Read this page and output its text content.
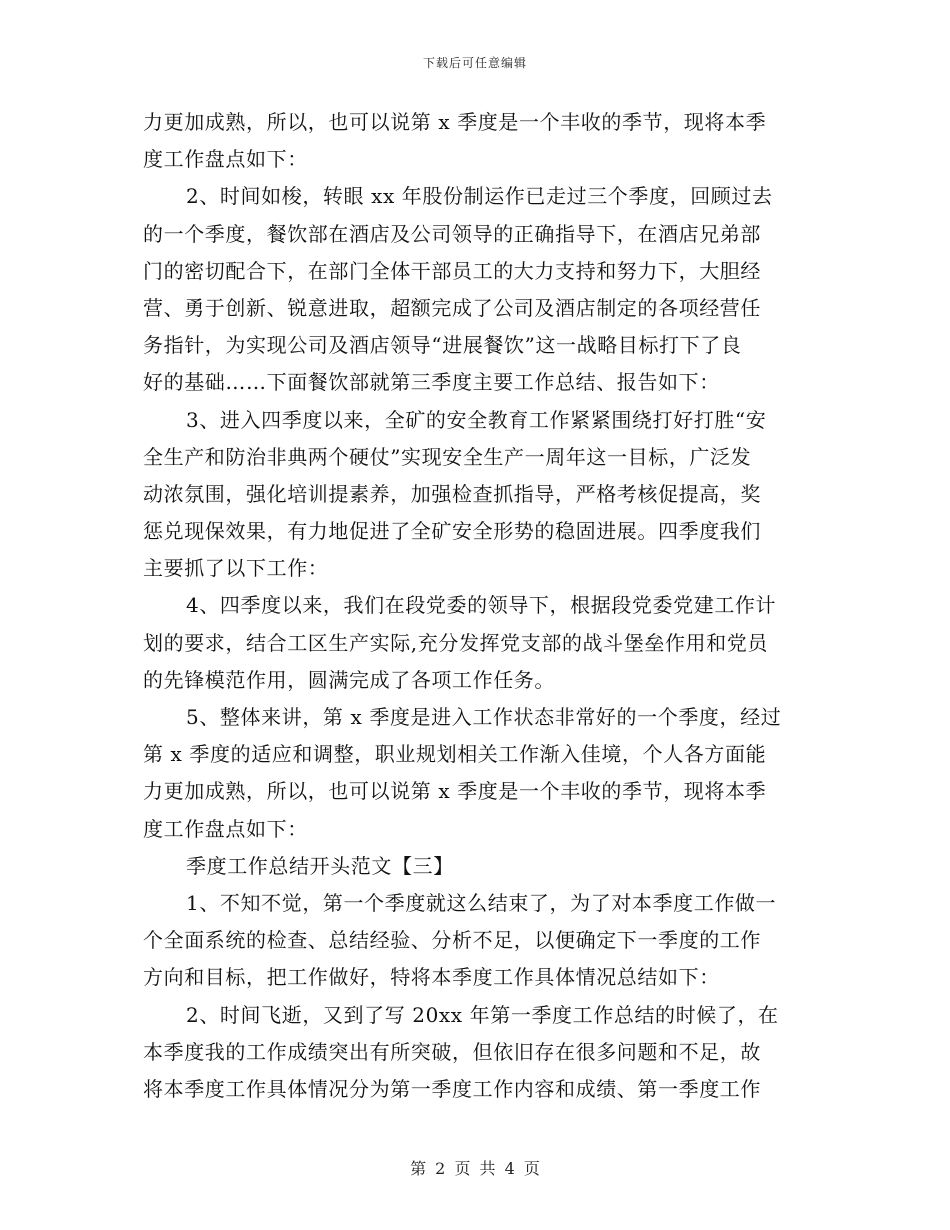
下载后可任意编辑
力更加成熟，所以，也可以说第 x 季度是一个丰收的季节，现将本季
度工作盘点如下：
2、时间如梭，转眼 xx 年股份制运作已走过三个季度，回顾过去
的一个季度，餐饮部在酒店及公司领导的正确指导下，在酒店兄弟部
门的密切配合下，在部门全体干部员工的大力支持和努力下，大胆经
营、勇于创新、锐意进取，超额完成了公司及酒店制定的各项经营任
务指针，为实现公司及酒店领导“进展餐饮”这一战略目标打下了良
好的基础……下面餐饮部就第三季度主要工作总结、报告如下：
3、进入四季度以来，全矿的安全教育工作紧紧围绕打好打胜“安
全生产和防治非典两个硬仗”实现安全生产一周年这一目标，广泛发
动浓氛围，强化培训提素养，加强检查抓指导，严格考核促提高，奖
惩兑现保效果，有力地促进了全矿安全形势的稳固进展。四季度我们
主要抓了以下工作：
4、四季度以来，我们在段党委的领导下，根据段党委党建工作计
划的要求，结合工区生产实际,充分发挥党支部的战斗堡垒作用和党员
的先锋模范作用，圆满完成了各项工作任务。
5、整体来讲，第 x 季度是进入工作状态非常好的一个季度，经过
第 x 季度的适应和调整，职业规划相关工作渐入佳境，个人各方面能
力更加成熟，所以，也可以说第 x 季度是一个丰收的季节，现将本季
度工作盘点如下：
季度工作总结开头范文【三】
1、不知不觉，第一个季度就这么结束了，为了对本季度工作做一
个全面系统的检查、总结经验、分析不足，以便确定下一季度的工作
方向和目标，把工作做好，特将本季度工作具体情况总结如下：
2、时间飞逝，又到了写 20xx 年第一季度工作总结的时候了，在
本季度我的工作成绩突出有所突破，但依旧存在很多问题和不足，故
将本季度工作具体情况分为第一季度工作内容和成绩、第一季度工作
第 2 页 共 4 页
